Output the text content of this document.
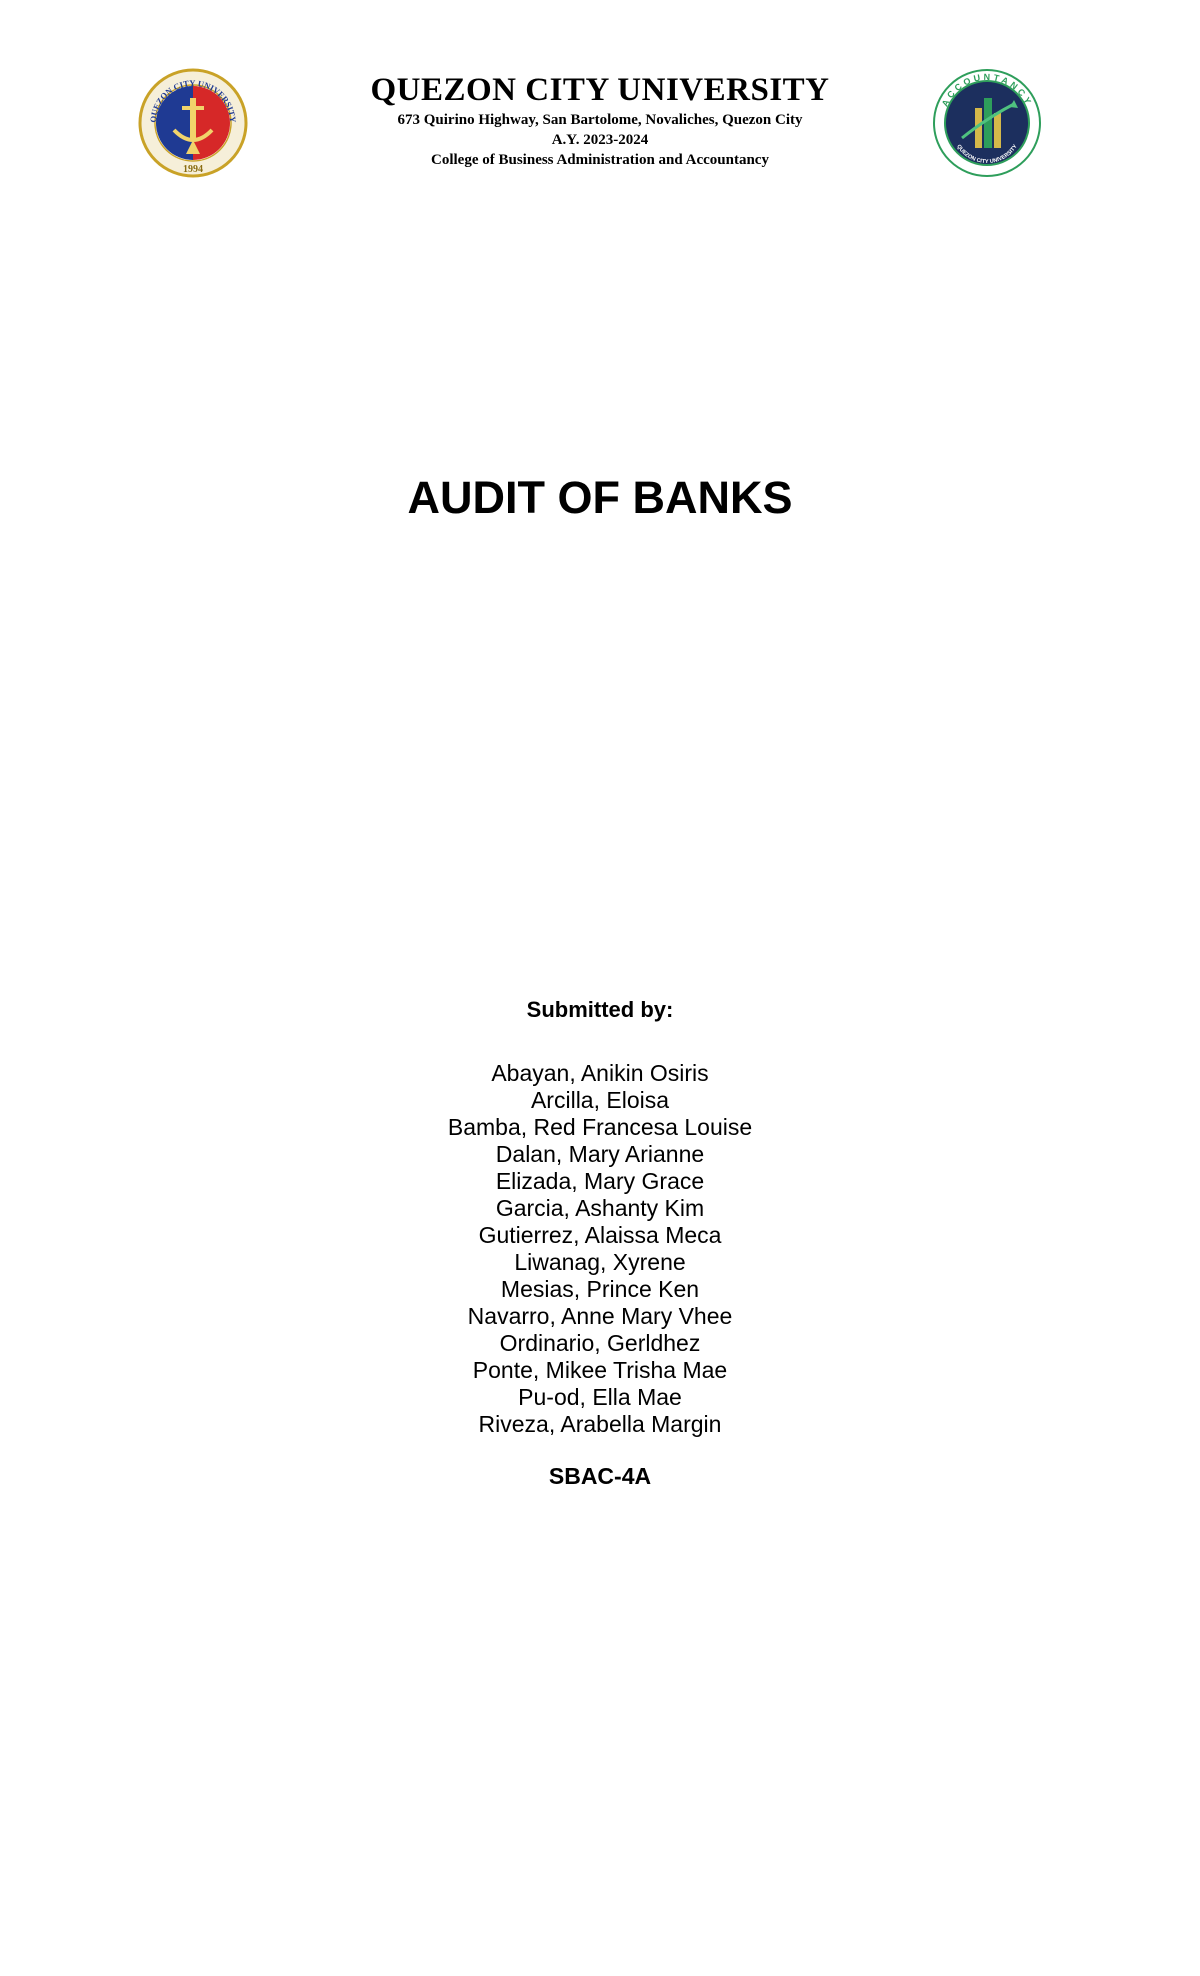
QUEZON CITY UNIVERSITY
1994

QUEZON CITY UNIVERSITY

673 Quirino Highway, San Bartolome, Novaliches, Quezon City

A.Y. 2023-2024

College of Business Administration and Accountancy

ACCOUNTANCY
QUEZON CITY UNIVERSITY
AUDIT OF BANKS
Submitted by:
Abayan, Anikin Osiris
Arcilla, Eloisa
Bamba, Red Francesa Louise
Dalan, Mary Arianne
Elizada, Mary Grace
Garcia, Ashanty Kim
Gutierrez, Alaissa Meca
Liwanag, Xyrene
Mesias, Prince Ken
Navarro, Anne Mary Vhee
Ordinario, Gerldhez
Ponte, Mikee Trisha Mae
Pu-od, Ella Mae
Riveza, Arabella Margin
SBAC-4A
